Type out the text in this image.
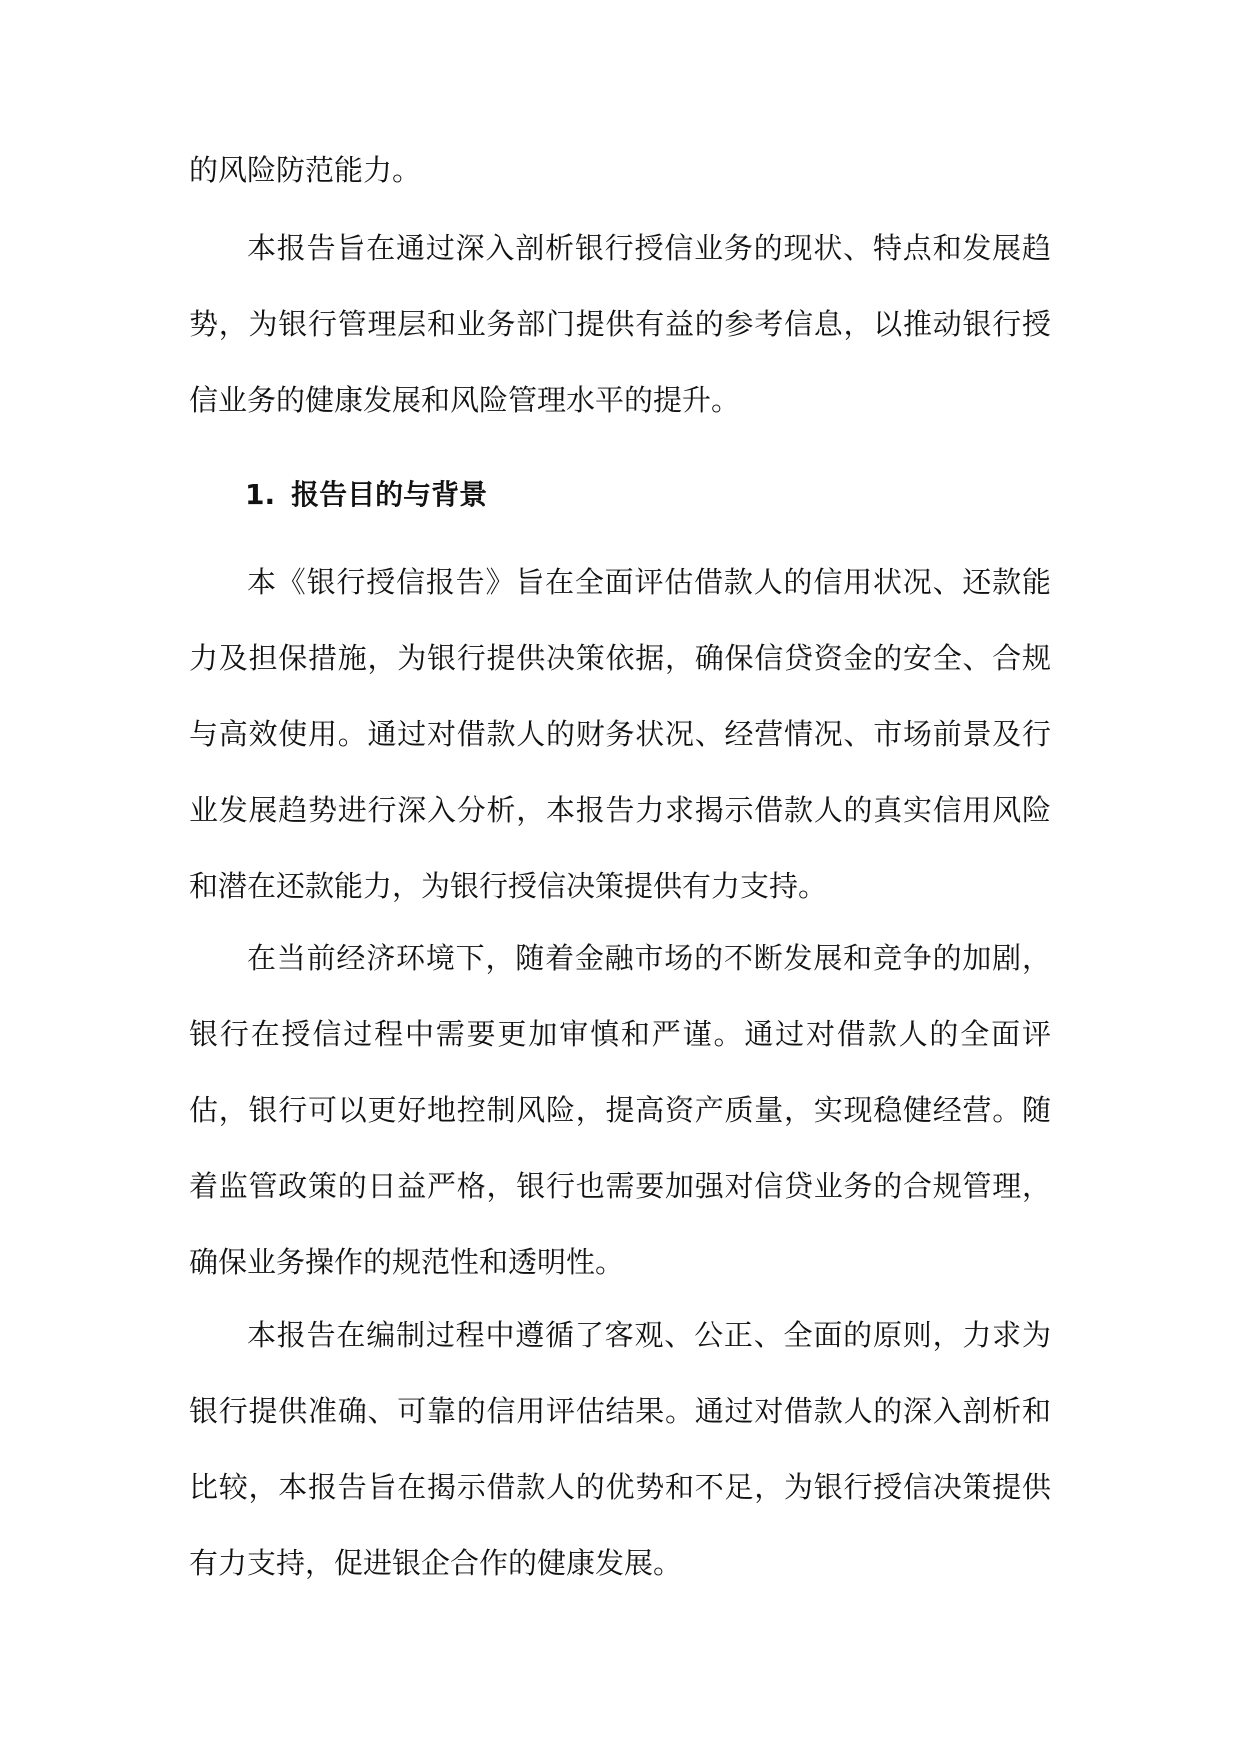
的风险防范能力。

本报告旨在通过深入剖析银行授信业务的现状、特点和发展趋势，为银行管理层和业务部门提供有益的参考信息，以推动银行授信业务的健康发展和风险管理水平的提升。

1. 报告目的与背景

本《银行授信报告》旨在全面评估借款人的信用状况、还款能力及担保措施，为银行提供决策依据，确保信贷资金的安全、合规与高效使用。通过对借款人的财务状况、经营情况、市场前景及行业发展趋势进行深入分析，本报告力求揭示借款人的真实信用风险和潜在还款能力，为银行授信决策提供有力支持。

在当前经济环境下，随着金融市场的不断发展和竞争的加剧，银行在授信过程中需要更加审慎和严谨。通过对借款人的全面评估，银行可以更好地控制风险，提高资产质量，实现稳健经营。随着监管政策的日益严格，银行也需要加强对信贷业务的合规管理，确保业务操作的规范性和透明性。

本报告在编制过程中遵循了客观、公正、全面的原则，力求为银行提供准确、可靠的信用评估结果。通过对借款人的深入剖析和比较，本报告旨在揭示借款人的优势和不足，为银行授信决策提供有力支持，促进银企合作的健康发展。
